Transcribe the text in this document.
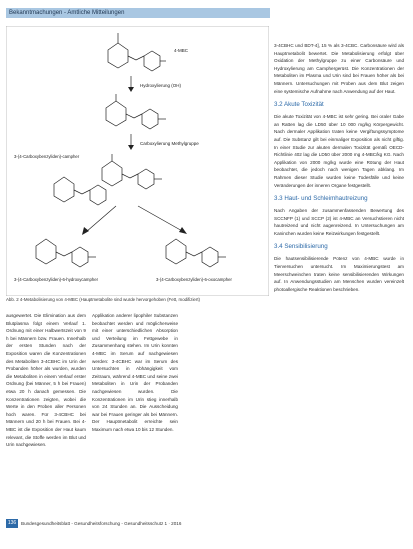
Bekanntmachungen - Amtliche Mitteilungen
4-MBC
Hydroxylierung (OH)
Carboxylierung Methylgruppe
3-(4-Carboxybenzyliden)-campher
3-(4-Carboxybenzyliden)-6-hydroxycampher	3-(4-Carboxybenzyliden)-6-oxocampher
Abb. 2 4-Metabolisierung von 4-MBC (Hauptmetabolite sind wurde hervorgehoben (Fett, modifiziert)

ausgewertet. Die Elimination aus dem Blutplasma folgt einem Verlauf 1. Ordnung mit einer Halbwertszeit von 9 h bei Männern bzw. Frauen. Innerhalb der ersten Stunden nach der Exposition waren die Konzentrationen des Metaboliten 3-4CBHC im Urin der Probanden höher als wurden, wurden die Metaboliten in einem Verlauf erster Ordnung (bei Männer, 5 h bei Frauen) etwa 20 h danach gemessen. Die Konzentrationen zeigten, wobei die Werte in den Proben aller Personen hoch waren. Für 3-4CBHC bei Männern und 20 h bei Frauen. Bei 4-MBC ist die Exposition der Haut kaum relevant, die Stoffe werden im Blut und Urin nachgewiesen.

Applikation anderer lipophiler Substanzen beobachtet werden und möglicherweise mit einer unterschiedlichen Absorption und Verteilung im Fettgewebe in Zusammenhang stehen. Im Urin konnten 4-MBC im Serum auf nachgewiesen werden: 3-4CBHC war im Serum des Untersuchten in Abhängigkeit vom Zeitraum, während 4-MBC und seine zwei Metaboliten in Urin der Probanden nachgewiesen wurden. Die Konzentrationen im Urin stieg innerhalb von 24 Stunden an. Die Ausscheidung war bei Frauen geringer als bei Männern. Der Hauptmetabolit erreichte sein Maximum nach etwa 10 bis 12 Stunden.

3-4CBHC und BDT-4], 15 % als 3-4CBC. Carbonsäure wird als Hauptmetabolit bewertet. Die Metabolisierung erfolgt über Oxidation der Methylgruppe zu einer Carbonsäure und Hydroxylierung am Camphergerüst. Die Konzentrationen der Metaboliten im Plasma und Urin sind bei Frauen höher als bei Männern. Untersuchungen mit Proben aus dem Blut zeigen eine systemische Aufnahme nach Anwendung auf der Haut.

3.2 Akute Toxizität

Die akute Toxizität von 4-MBC ist sehr gering. Bei oraler Gabe an Ratten lag die LD50 über 10 000 mg/kg Körpergewicht. Nach dermaler Applikation traten keine Vergiftungssymptome auf. Die Substanz gilt bei einmaliger Exposition als nicht giftig. In einer Studie zur akuten dermalen Toxizität gemäß OECD-Richtlinie 402 lag die LD50 über 2000 mg 4-MBC/kg KG. Nach Applikation von 2000 mg/kg wurde eine Rötung der Haut beobachtet, die jedoch nach wenigen Tagen abklang. Im Rahmen dieser Studie wurden keine Todesfälle und keine Veränderungen der inneren Organe festgestellt.

3.3 Haut- und Schleimhautreizung

Nach Angaben der zusammenfassenden Bewertung des SCCNFP (1) und SCCP (2) ist 4-MBC an Versuchstieren nicht hautreizend und nicht augenreizend. In Untersuchungen am Kaninchen wurden keine Reizwirkungen festgestellt.

3.4 Sensibilisierung

Die hautsensibilisierende Potenz von 4-MBC wurde in Tierversuchen untersucht. Im Maximierungstest am Meerschweinchen traten keine sensibilisierenden Wirkungen auf. In Anwendungsstudien am Menschen wurden vereinzelt photoallergische Reaktionen beschrieben.

136	Bundesgesundheitsblatt - Gesundheitsforschung - Gesundheitsschutz 1 · 2016
